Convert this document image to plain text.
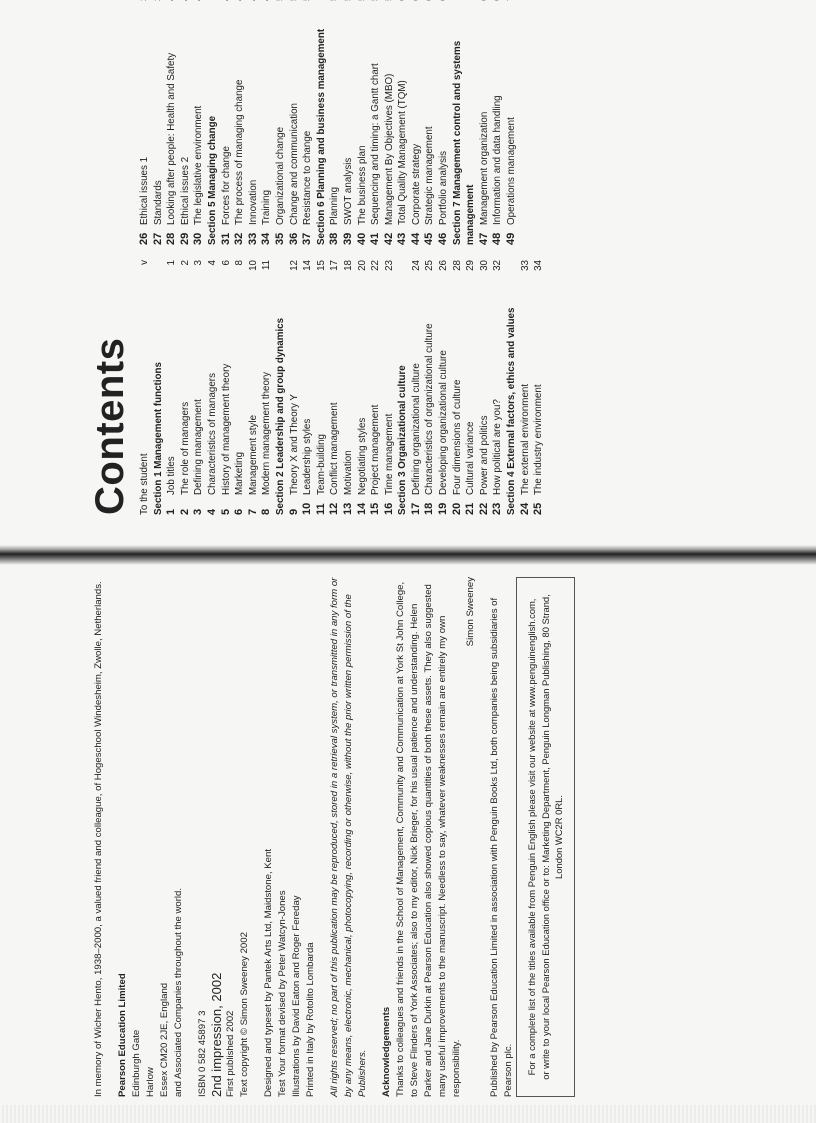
In memory of Wicher Hento, 1938–2000, a valued friend and colleague, of Hogeschool Windesheim, Zwolle, Netherlands. Pearson Education Limited Edinburgh Gate Harlow Essex CM20 2JE, England and Associated Companies throughout the world. ISBN 0 582 45897 3 2nd impression, 2002 First published 2002 Text copyright © Simon Sweeney 2002 Designed and typeset by Pantek Arts Ltd, Maidstone, Kent Test Your format devised by Peter Watcyn-Jones Illustrations by David Eaton and Roger Fereday Printed in Italy by Rotolito Lombarda All rights reserved; no part of this publication may be reproduced, stored in a retrieval system, or transmitted in any form or by any means, electronic, mechanical, photocopying, recording or otherwise, without the prior written permission of the Publishers. Acknowledgements Thanks to colleagues and friends in the School of Management, Community and Communication at York St John College, to Steve Flinders of York Associates; also to my editor, Nick Brieger, for his usual patience and understanding. Helen Parker and Jane Durkin at Pearson Education also showed copious quantities of both these assets. They also suggested many useful improvements to the manuscript. Needless to say, whatever weaknesses remain are entirely my own responsibility.

Simon Sweeney Published by Pearson Education Limited in association with Penguin Books Ltd, both companies being subsidiaries of Pearson plc.	For a complete list of the titles available from Penguin English please visit our website at www.penguinenglish.com, or write to your local Pearson Education office or to: Marketing Department, Penguin Longman Publishing, 80 Strand, London WC2R 0RL.

Contents To the student
v
Section 1 Management functions 1
Job titles
1
2
The role of managers
2
3
Defining management
3
4
Characteristics of managers
4
5
History of management theory
6
6
Marketing
8
7
Management style
10
8
Modern management theory
11
Section 2 Leadership and group dynamics 9
Theory X and Theory Y
12
10
Leadership styles
14
11
Team-building
15
12
Conflict management
17
13
Motivation
18
14
Negotiating styles
20
15
Project management
22
16
Time management
23
Section 3 Organizational culture 17
Defining organizational culture
24
18
Characteristics of organizational culture
25
19
Developing organizational culture
26
20
Four dimensions of culture
28
21
Cultural variance
29
22
Power and politics
30
23
How political are you?
32
Section 4 External factors, ethics and values 24
The external environment
33
25
The industry environment
34
26
Ethical issues 1
27
Standards
28
Looking after people: Health and Safety
29
Ethical issues 2
30
The legislative environment Section 5 Managing change 31
Forces for change
32
The process of managing change
33
Innovation
34
Training
35
Organizational change
36
Change and communication
37
Resistance to change Section 6 Planning and business management 38
Planning
39
SWOT analysis
40
The business plan
41
Sequencing and timing: a Gantt chart
42
Management By Objectives (MBO)
43
Total Quality Management (TQM)
44
Corporate strategy
45
Strategic management
46
Portfolio analysis Section 7 Management control and systems management 47
Management organization
48
Information and data handling
49
Operations management
